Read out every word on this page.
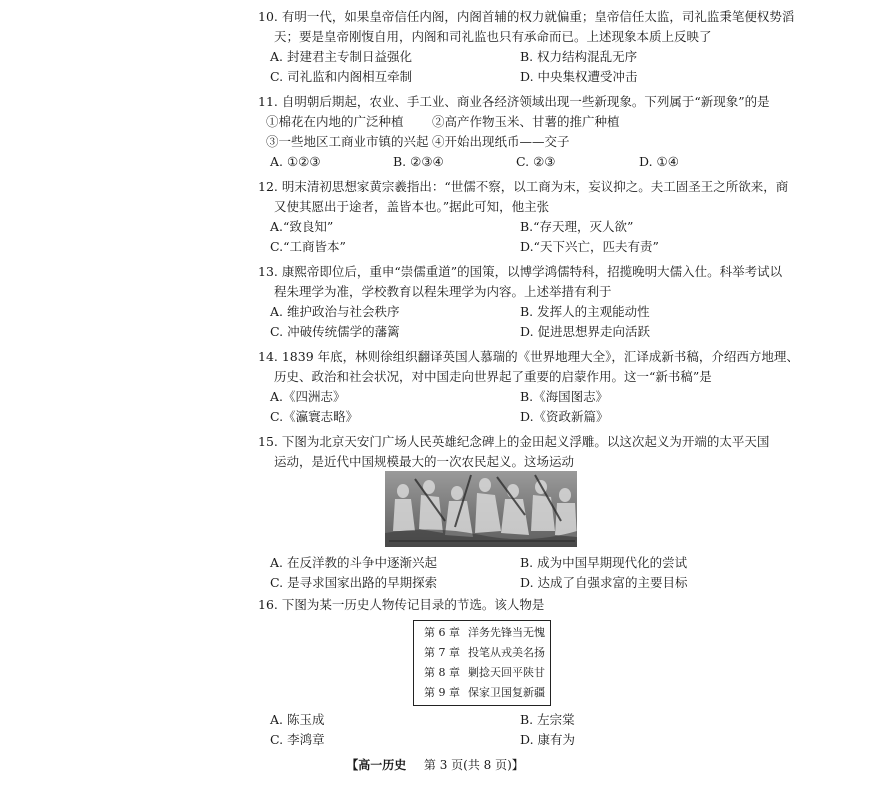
10. 有明一代，如果皇帝信任内阁，内阁首辅的权力就偏重；皇帝信任太监，司礼监秉笔便权势滔
天；要是皇帝刚愎自用，内阁和司礼监也只有承命而已。上述现象本质上反映了
A. 封建君主专制日益强化	B. 权力结构混乱无序
C. 司礼监和内阁相互牵制	D. 中央集权遭受冲击
11. 自明朝后期起，农业、手工业、商业各经济领域出现一些新现象。下列属于“新现象”的是
①棉花在内地的广泛种植	②高产作物玉米、甘薯的推广种植
③一些地区工商业市镇的兴起 ④开始出现纸币——交子
A. ①②③	B. ②③④	C. ②③	D. ①④
12. 明末清初思想家黄宗羲指出：“世儒不察，以工商为末，妄议抑之。夫工固圣王之所欲来，商
又使其愿出于途者，盖皆本也。”据此可知，他主张
A.“致良知”	B.“存天理，灭人欲”
C.“工商皆本”	D.“天下兴亡，匹夫有责”
13. 康熙帝即位后，重申“崇儒重道”的国策，以博学鸿儒特科，招揽晚明大儒入仕。科举考试以
程朱理学为准，学校教育以程朱理学为内容。上述举措有利于
A. 维护政治与社会秩序	B. 发挥人的主观能动性
C. 冲破传统儒学的藩篱	D. 促进思想界走向活跃
14. 1839 年底，林则徐组织翻译英国人慕瑞的《世界地理大全》，汇译成新书稿，介绍西方地理、
历史、政治和社会状况，对中国走向世界起了重要的启蒙作用。这一“新书稿”是
A.《四洲志》	B.《海国图志》
C.《瀛寰志略》	D.《资政新篇》
15. 下图为北京天安门广场人民英雄纪念碑上的金田起义浮雕。以这次起义为开端的太平天国
运动，是近代中国规模最大的一次农民起义。这场运动
A. 在反洋教的斗争中逐渐兴起	B. 成为中国早期现代化的尝试
C. 是寻求国家出路的早期探索	D. 达成了自强求富的主要目标
16. 下图为某一历史人物传记目录的节选。该人物是
第 6 章 洋务先锋当无愧
第 7 章 投笔从戎美名扬
第 8 章 剿捻天回平陕甘
第 9 章 保家卫国复新疆
A. 陈玉成	B. 左宗棠
C. 李鸿章	D. 康有为
【高一历史 第 3 页(共 8 页)】
